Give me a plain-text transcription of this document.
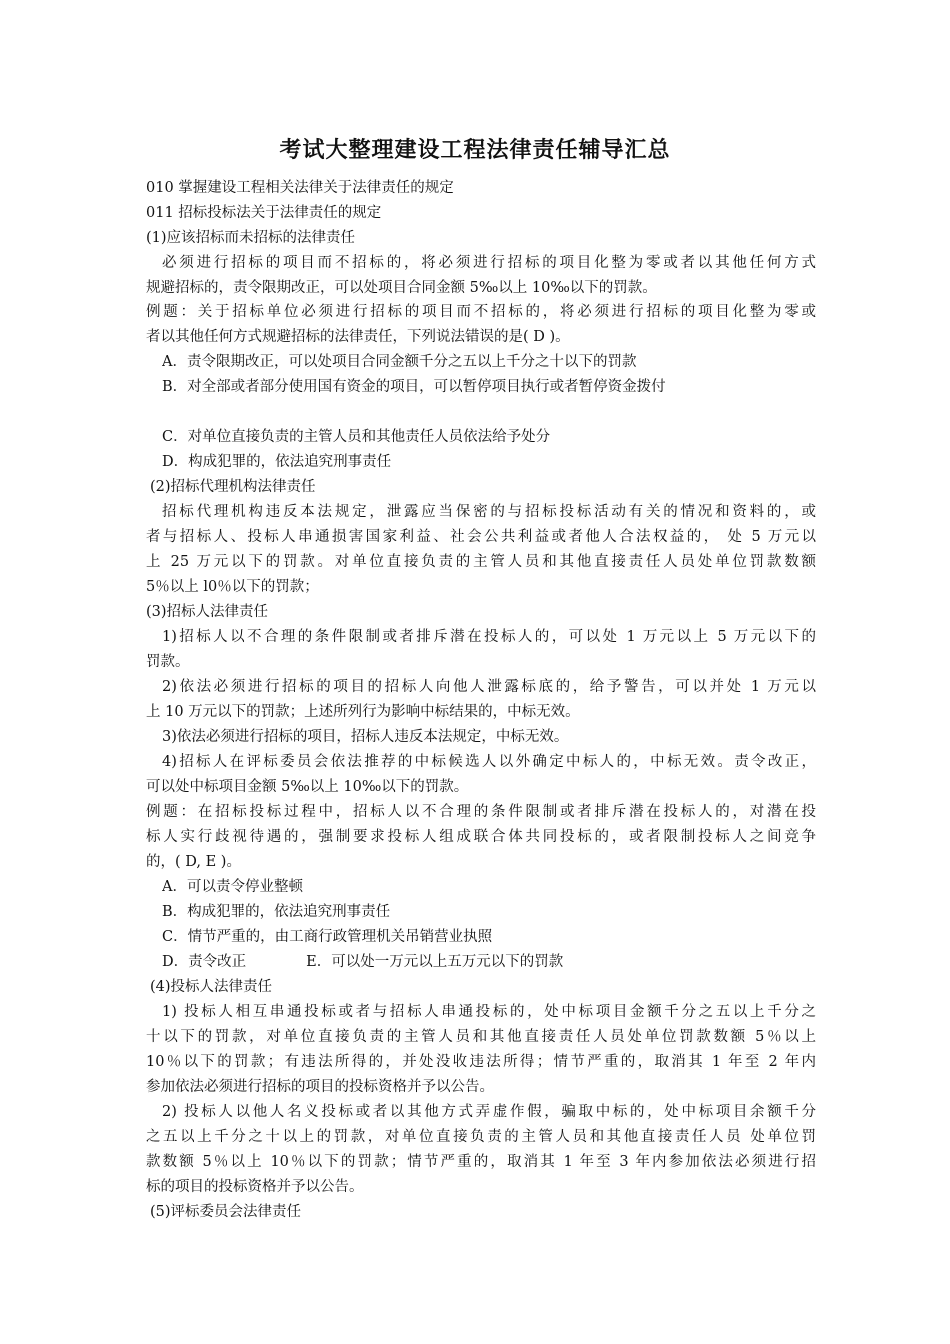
考试大整理建设工程法律责任辅导汇总
010 掌握建设工程相关法律关于法律责任的规定
011 招标投标法关于法律责任的规定
(1)应该招标而未招标的法律责任
必须进行招标的项目而不招标的，将必须进行招标的项目化整为零或者以其他任何方式
规避招标的，责令限期改正，可以处项目合同金额 5‰以上 10‰以下的罚款。
例题：关于招标单位必须进行招标的项目而不招标的，将必须进行招标的项目化整为零或
者以其他任何方式规避招标的法律责任，下列说法错误的是( D )。
A．责令限期改正，可以处项目合同金额千分之五以上千分之十以下的罚款
B．对全部或者部分使用国有资金的项目，可以暂停项目执行或者暂停资金拨付
C．对单位直接负责的主管人员和其他责任人员依法给予处分
D．构成犯罪的，依法追究刑事责任
(2)招标代理机构法律责任
招标代理机构违反本法规定，泄露应当保密的与招标投标活动有关的情况和资料的，或
者与招标人、投标人串通损害国家利益、社会公共利益或者他人合法权益的， 处 5 万元以
上 25 万元以下的罚款。对单位直接负责的主管人员和其他直接责任人员处单位罚款数额
5％以上 l0％以下的罚款；
(3)招标人法律责任
1)招标人以不合理的条件限制或者排斥潜在投标人的，可以处 1 万元以上 5 万元以下的
罚款。
2)依法必须进行招标的项目的招标人向他人泄露标底的，给予警告，可以并处 1 万元以
上 10 万元以下的罚款；上述所列行为影响中标结果的，中标无效。
3)依法必须进行招标的项目，招标人违反本法规定，中标无效。
4)招标人在评标委员会依法推荐的中标候选人以外确定中标人的，中标无效。责令改正，
可以处中标项目金额 5‰以上 10‰以下的罚款。
例题：在招标投标过程中，招标人以不合理的条件限制或者排斥潜在投标人的，对潜在投
标人实行歧视待遇的，强制要求投标人组成联合体共同投标的，或者限制投标人之间竞争
的，( D, E )。
A．可以责令停业整顿
B．构成犯罪的，依法追究刑事责任
C．情节严重的，由工商行政管理机关吊销营业执照
D．责令改正	E．可以处一万元以上五万元以下的罚款
(4)投标人法律责任
1) 投标人相互串通投标或者与招标人串通投标的，处中标项目金额千分之五以上千分之
十以下的罚款，对单位直接负责的主管人员和其他直接责任人员处单位罚款数额 5％以上
10％以下的罚款；有违法所得的，并处没收违法所得；情节严重的，取消其 1 年至 2 年内
参加依法必须进行招标的项目的投标资格并予以公告。
2) 投标人以他人名义投标或者以其他方式弄虚作假，骗取中标的，处中标项目余额千分
之五以上千分之十以上的罚款，对单位直接负责的主管人员和其他直接责任人员 处单位罚
款数额 5％以上 10％以下的罚款；情节严重的，取消其 1 年至 3 年内参加依法必须进行招
标的项目的投标资格并予以公告。
(5)评标委员会法律责任
